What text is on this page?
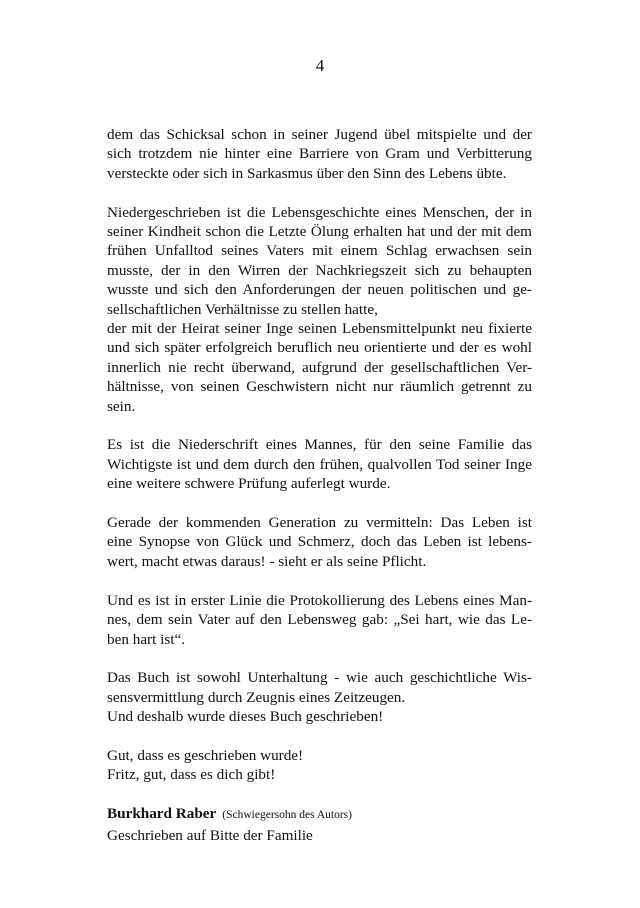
4
dem das Schicksal schon in seiner Jugend übel mitspielte und der
sich trotzdem nie hinter eine Barriere von Gram und Verbitterung
versteckte oder sich in Sarkasmus über den Sinn des Lebens übte.
Niedergeschrieben ist die Lebensgeschichte eines Menschen, der in
seiner Kindheit schon die Letzte Ölung erhalten hat und der mit dem
frühen Unfalltod seines Vaters mit einem Schlag erwachsen sein
musste, der in den Wirren der Nachkriegszeit sich zu behaupten
wusste und sich den Anforderungen der neuen politischen und ge-
sellschaftlichen Verhältnisse zu stellen hatte,
der mit der Heirat seiner Inge seinen Lebensmittelpunkt neu fixierte
und sich später erfolgreich beruflich neu orientierte und der es wohl
innerlich nie recht überwand, aufgrund der gesellschaftlichen Ver-
hältnisse, von seinen Geschwistern nicht nur räumlich getrennt zu
sein.
Es ist die Niederschrift eines Mannes, für den seine Familie das
Wichtigste ist und dem durch den frühen, qualvollen Tod seiner Inge
eine weitere schwere Prüfung auferlegt wurde.
Gerade der kommenden Generation zu vermitteln: Das Leben ist
eine Synopse von Glück und Schmerz, doch das Leben ist lebens-
wert, macht etwas daraus! - sieht er als seine Pflicht.
Und es ist in erster Linie die Protokollierung des Lebens eines Man-
nes, dem sein Vater auf den Lebensweg gab: „Sei hart, wie das Le-
ben hart ist“.
Das Buch ist sowohl Unterhaltung - wie auch geschichtliche Wis-
sensvermittlung durch Zeugnis eines Zeitzeugen.
Und deshalb wurde dieses Buch geschrieben!
Gut, dass es geschrieben wurde!
Fritz, gut, dass es dich gibt!
Burkhard Raber (Schwiegersohn des Autors)
Geschrieben auf Bitte der Familie
